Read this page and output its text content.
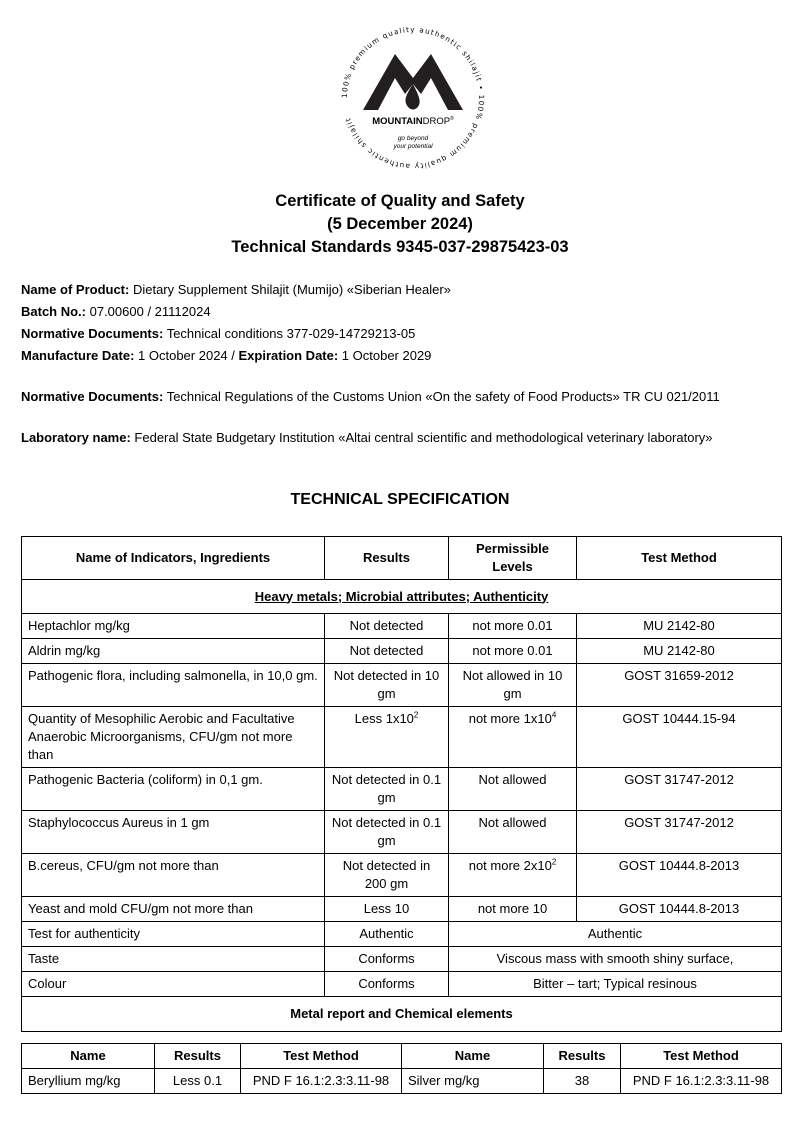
100% premium quality authentic shilajit • 100% premium quality authentic shilajit	MOUNTAINDROP®
go beyond
your potential
Certificate of Quality and Safety
(5 December 2024)
Technical Standards 9345-037-29875423-03
Name of Product: Dietary Supplement Shilajit (Mumijo) «Siberian Healer»
Batch No.: 07.00600 / 21112024
Normative Documents: Technical conditions 377-029-14729213-05
Manufacture Date: 1 October 2024 / Expiration Date: 1 October 2029
Normative Documents: Technical Regulations of the Customs Union «On the safety of Food Products» TR CU 021/2011
Laboratory name: Federal State Budgetary Institution «Altai central scientific and methodological veterinary laboratory»
TECHNICAL SPECIFICATION
Name of Indicators, Ingredients	Results	Permissible Levels	Test Method
Heavy metals; Microbial attributes; Authenticity			
Heptachlor mg/kg	Not detected	not more 0.01	MU 2142-80
Aldrin mg/kg	Not detected	not more 0.01	MU 2142-80
Pathogenic flora, including salmonella, in 10,0 gm.	Not detected in 10 gm	Not allowed in 10 gm	GOST 31659-2012
Quantity of Mesophilic Aerobic and Facultative Anaerobic Microorganisms, CFU/gm not more than	Less $1x10^2$	not more $1x10^4$	GOST 10444.15-94
Pathogenic Bacteria (coliform) in 0,1 gm.	Not detected in 0.1 gm	Not allowed	GOST 31747-2012
Staphylococcus Aureus in 1 gm	Not detected in 0.1 gm	Not allowed	GOST 31747-2012
B.cereus, CFU/gm not more than	Not detected in 200 gm	not more $2x10^2$	GOST 10444.8-2013
Yeast and mold CFU/gm not more than	Less 10	not more 10	GOST 10444.8-2013
Test for authenticity	Authentic	Authentic	
Taste	Conforms	Viscous mass with smooth shiny surface,	
Colour	Conforms	Bitter – tart; Typical resinous	
Metal report and Chemical elements			
Name	Results	Test Method	Name	Results	Test Method
Beryllium mg/kg	Less 0.1	PND F 16.1:2.3:3.11-98	Silver mg/kg	38	PND F 16.1:2.3:3.11-98
